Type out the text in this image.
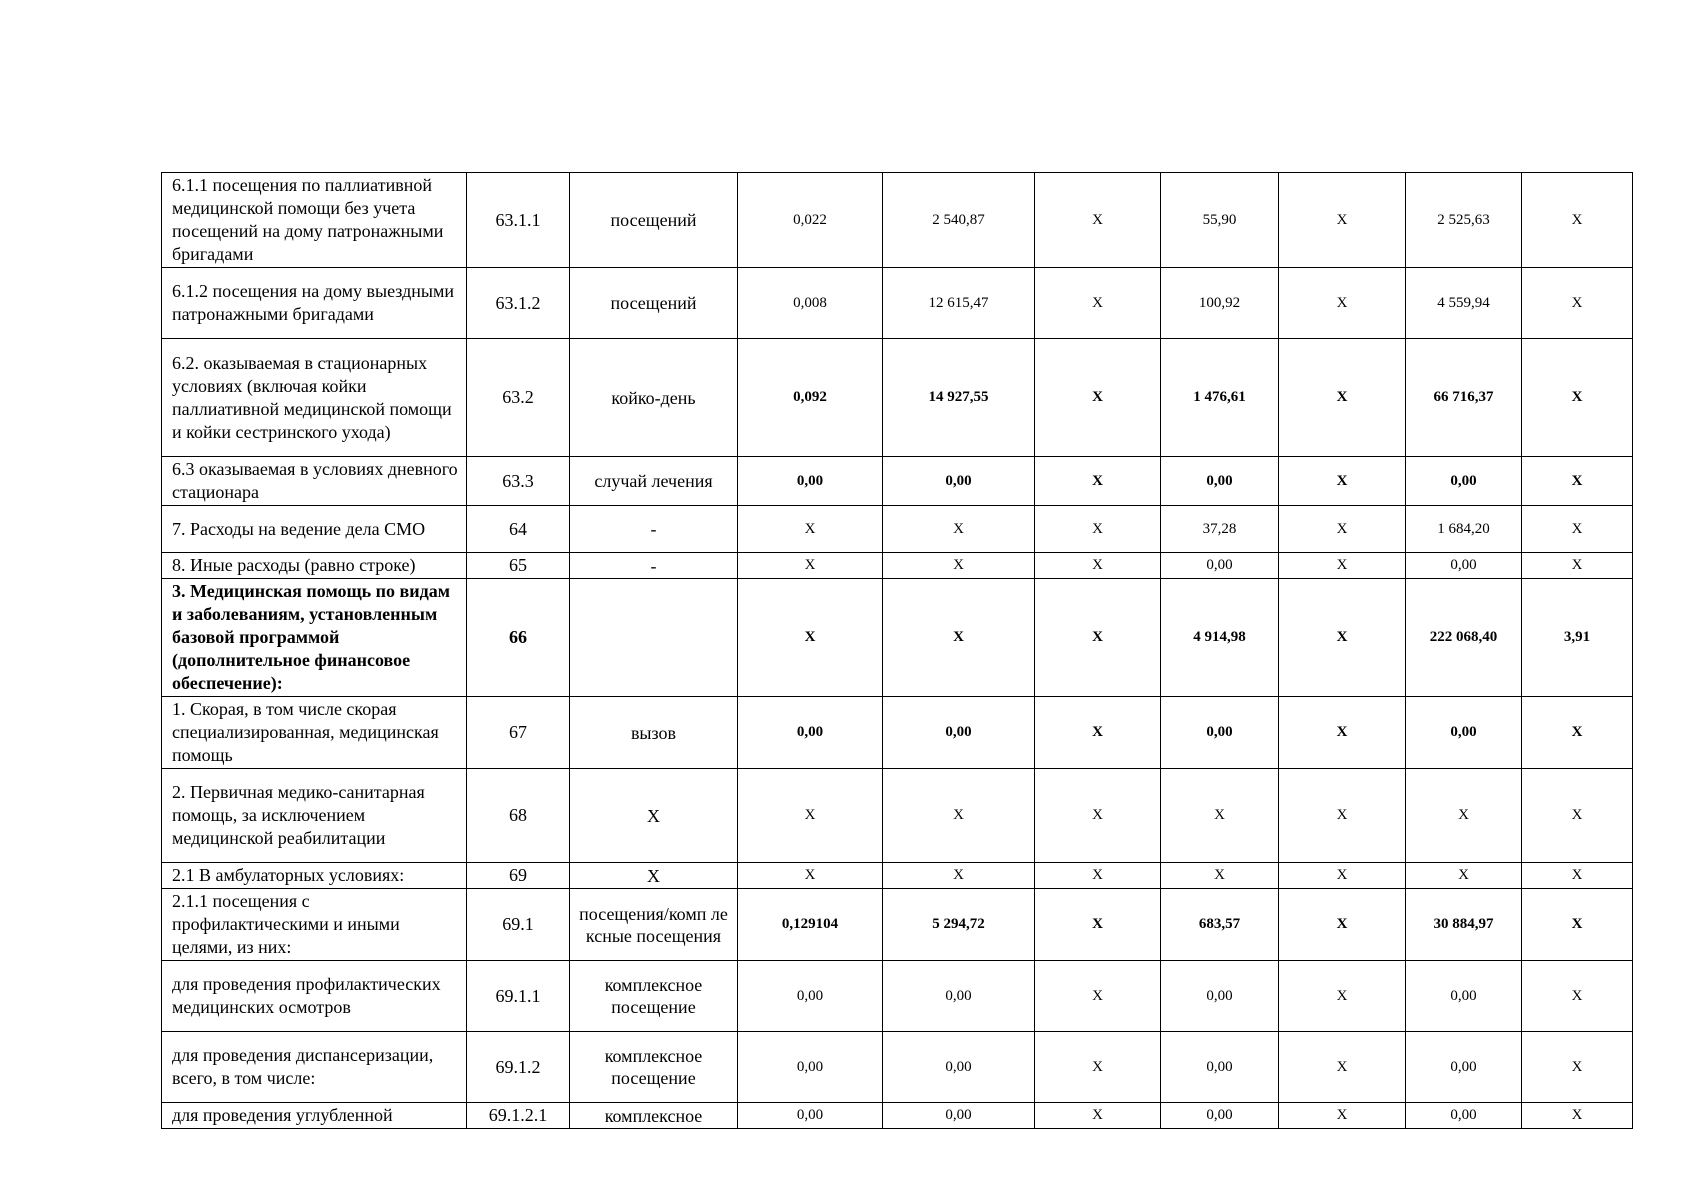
6.1.1 посещения по паллиативной медицинской помощи без учета посещений на дому патронажными бригадами	63.1.1	посещений	0,022	2 540,87	X	55,90	X	2 525,63	X
6.1.2 посещения на дому выездными патронажными бригадами	63.1.2	посещений	0,008	12 615,47	X	100,92	X	4 559,94	X
6.2. оказываемая в стационарных условиях (включая койки паллиативной медицинской помощи и койки сестринского ухода)	63.2	койко-день	0,092	14 927,55	X	1 476,61	X	66 716,37	X
6.3 оказываемая в условиях дневного стационара	63.3	случай лечения	0,00	0,00	X	0,00	X	0,00	X
7. Расходы на ведение дела СМО	64	-	X	X	X	37,28	X	1 684,20	X
8. Иные расходы (равно строке)	65	-	X	X	X	0,00	X	0,00	X
3. Медицинская помощь по видам и заболеваниям, установленным базовой программой (дополнительное финансовое обеспечение):	66		X	X	X	4 914,98	X	222 068,40	3,91
1. Скорая, в том числе скорая специализированная, медицинская помощь	67	вызов	0,00	0,00	X	0,00	X	0,00	X
2. Первичная медико-санитарная помощь, за исключением медицинской реабилитации	68	X	X	X	X	X	X	X	X
2.1 В амбулаторных условиях:	69	X	X	X	X	X	X	X	X
2.1.1 посещения с профилактическими и иными целями, из них:	69.1	посещения/комп ле ксные посещения	0,129104	5 294,72	X	683,57	X	30 884,97	X
для проведения профилактических медицинских осмотров	69.1.1	комплексное посещение	0,00	0,00	X	0,00	X	0,00	X
для проведения диспансеризации, всего, в том числе:	69.1.2	комплексное посещение	0,00	0,00	X	0,00	X	0,00	X
для проведения углубленной	69.1.2.1	комплексное	0,00	0,00	X	0,00	X	0,00	X
